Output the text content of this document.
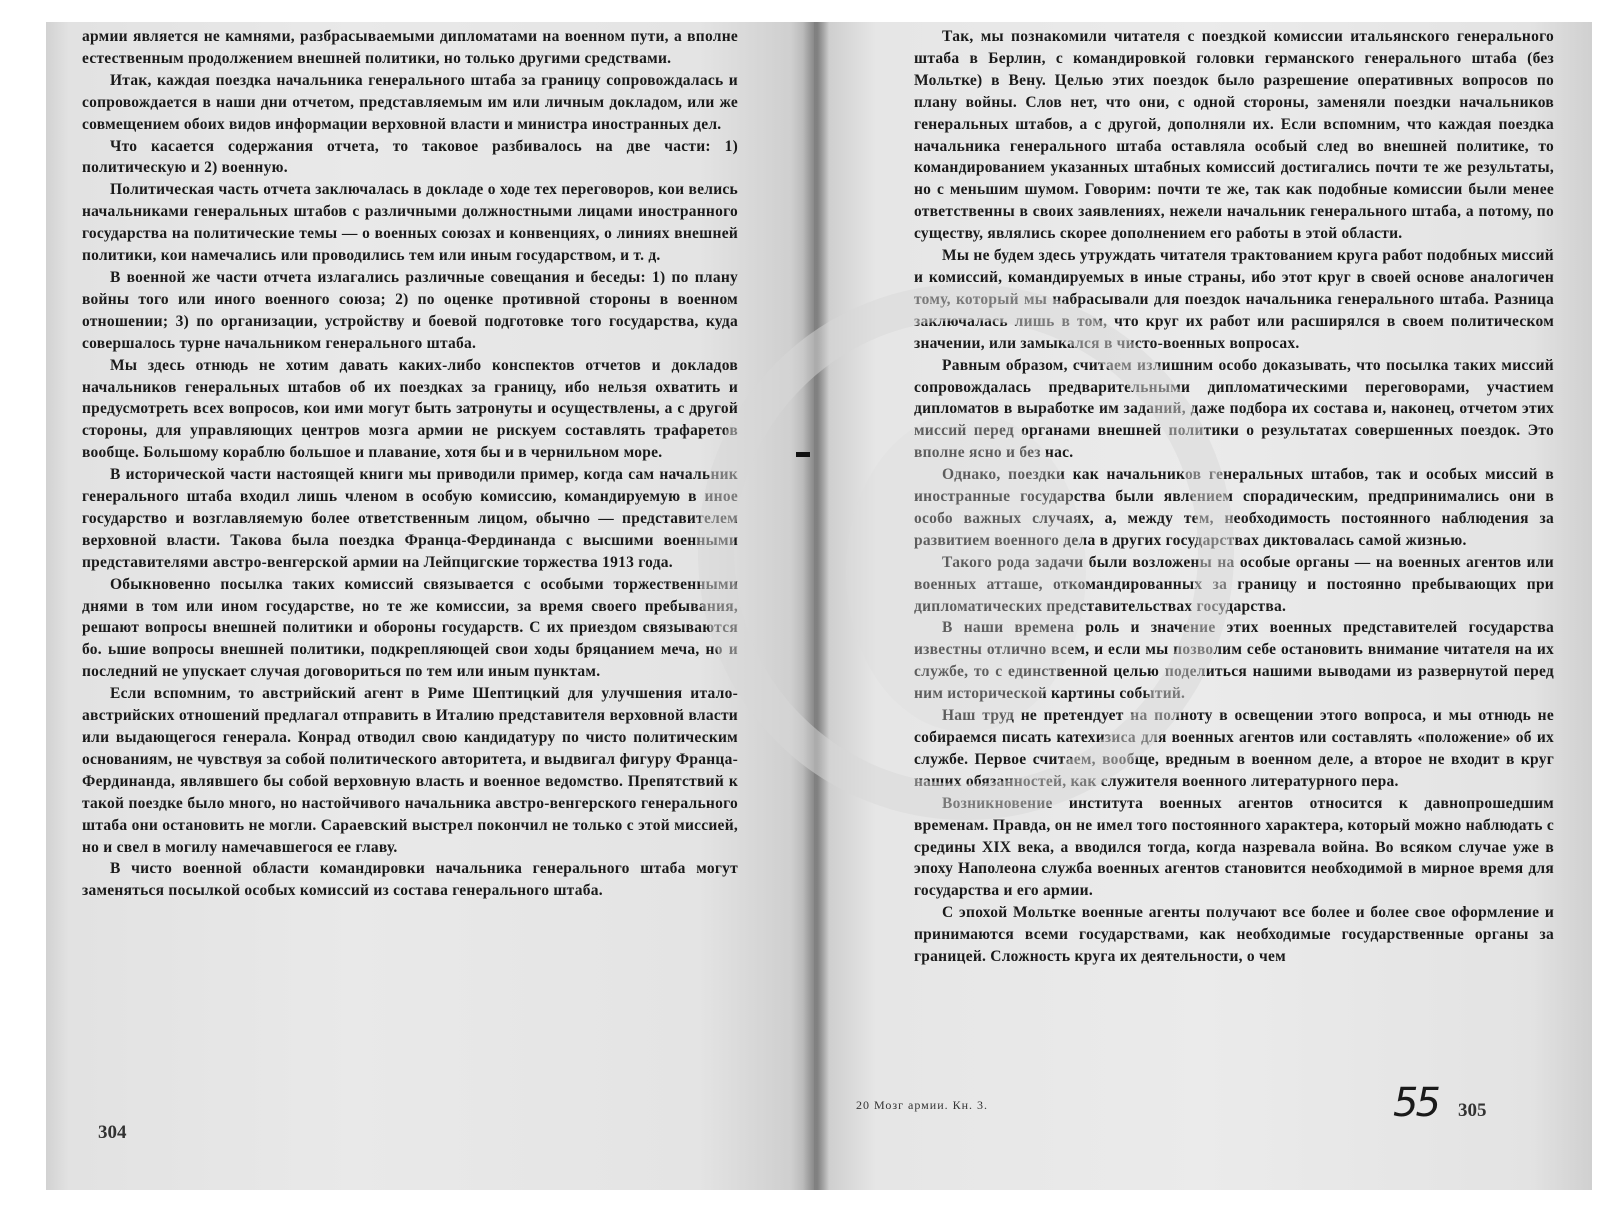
армии является не камнями, разбрасываемыми дипломатами на военном пути, а вполне естественным продолжением внешней политики, но только другими средствами.

Итак, каждая поездка начальника генерального штаба за границу сопровождалась и сопровождается в наши дни отчетом, представляемым им или личным докладом, или же совмещением обоих видов информации верховной власти и министра иностранных дел.

Что касается содержания отчета, то таковое разбивалось на две части: 1) политическую и 2) военную.

Политическая часть отчета заключалась в докладе о ходе тех переговоров, кои велись начальниками генеральных штабов с различными должностными лицами иностранного государства на политические темы — о военных союзах и конвенциях, о линиях внешней политики, кои намечались или проводились тем или иным государством, и т. д.

В военной же части отчета излагались различные совещания и беседы: 1) по плану войны того или иного военного союза; 2) по оценке противной стороны в военном отношении; 3) по организации, устройству и боевой подготовке того государства, куда совершалось турне начальником генерального штаба.

Мы здесь отнюдь не хотим давать каких-либо конспектов отчетов и докладов начальников генеральных штабов об их поездках за границу, ибо нельзя охватить и предусмотреть всех вопросов, кои ими могут быть затронуты и осуществлены, а с другой стороны, для управляющих центров мозга армии не рискуем составлять трафаретов вообще. Большому кораблю большое и плавание, хотя бы и в чернильном море.

В исторической части настоящей книги мы приводили пример, когда сам начальник генерального штаба входил лишь членом в особую комиссию, командируемую в иное государство и возглавляемую более ответственным лицом, обычно — представителем верховной власти. Такова была поездка Франца-Фердинанда с высшими военными представителями австро-венгерской армии на Лейпцигские торжества 1913 года.

Обыкновенно посылка таких комиссий связывается с особыми торжественными днями в том или ином государстве, но те же комиссии, за время своего пребывания, решают вопросы внешней политики и обороны государств. С их приездом связываются бо. ьшие вопросы внешней политики, подкрепляющей свои ходы бряцанием меча, но и последний не упускает случая договориться по тем или иным пунктам.

Если вспомним, то австрийский агент в Риме Шептицкий для улучшения итало-австрийских отношений предлагал отправить в Италию представителя верховной власти или выдающегося генерала. Конрад отводил свою кандидатуру по чисто политическим основаниям, не чувствуя за собой политического авторитета, и выдвигал фигуру Франца-Фердинанда, являвшего бы собой верховную власть и военное ведомство. Препятствий к такой поездке было много, но настойчивого начальника австро-венгерского генерального штаба они остановить не могли. Сараевский выстрел покончил не только с этой миссией, но и свел в могилу намечавшегося ее главу.

В чисто военной области командировки начальника генерального штаба могут заменяться посылкой особых комиссий из состава генерального штаба.

304

Так, мы познакомили читателя с поездкой комиссии итальянского генерального штаба в Берлин, с командировкой головки германского генерального штаба (без Мольтке) в Вену. Целью этих поездок было разрешение оперативных вопросов по плану войны. Слов нет, что они, с одной стороны, заменяли поездки начальников генеральных штабов, а с другой, дополняли их. Если вспомним, что каждая поездка начальника генерального штаба оставляла особый след во внешней политике, то командированием указанных штабных комиссий достигались почти те же результаты, но с меньшим шумом. Говорим: почти те же, так как подобные комиссии были менее ответственны в своих заявлениях, нежели начальник генерального штаба, а потому, по существу, являлись скорее дополнением его работы в этой области.

Мы не будем здесь утруждать читателя трактованием круга работ подобных миссий и комиссий, командируемых в иные страны, ибо этот круг в своей основе аналогичен тому, который мы набрасывали для поездок начальника генерального штаба. Разница заключалась лишь в том, что круг их работ или расширялся в своем политическом значении, или замыкался в чисто-военных вопросах.

Равным образом, считаем излишним особо доказывать, что посылка таких миссий сопровождалась предварительными дипломатическими переговорами, участием дипломатов в выработке им заданий, даже подбора их состава и, наконец, отчетом этих миссий перед органами внешней политики о результатах совершенных поездок. Это вполне ясно и без нас.

Однако, поездки как начальников генеральных штабов, так и особых миссий в иностранные государства были явлением спорадическим, предпринимались они в особо важных случаях, а, между тем, необходимость постоянного наблюдения за развитием военного дела в других государствах диктовалась самой жизнью.

Такого рода задачи были возложены на особые органы — на военных агентов или военных атташе, откомандированных за границу и постоянно пребывающих при дипломатических представительствах государства.

В наши времена роль и значение этих военных представителей государства известны отлично всем, и если мы позволим себе остановить внимание читателя на их службе, то с единственной целью поделиться нашими выводами из развернутой перед ним исторической картины событий.

Наш труд не претендует на полноту в освещении этого вопроса, и мы отнюдь не собираемся писать катехизиса для военных агентов или составлять «положение» об их службе. Первое считаем, вообще, вредным в военном деле, а второе не входит в круг наших обязанностей, как служителя военного литературного пера.

Возникновение института военных агентов относится к давнопрошедшим временам. Правда, он не имел того постоянного характера, который можно наблюдать с средины XIX века, а вводился тогда, когда назревала война. Во всяком случае уже в эпоху Наполеона служба военных агентов становится необходимой в мирное время для государства и его армии.

С эпохой Мольтке военные агенты получают все более и более свое оформление и принимаются всеми государствами, как необходимые государственные органы за границей. Сложность круга их деятельности, о чем

20 Мозг армии. Кн. 3.	305
55
